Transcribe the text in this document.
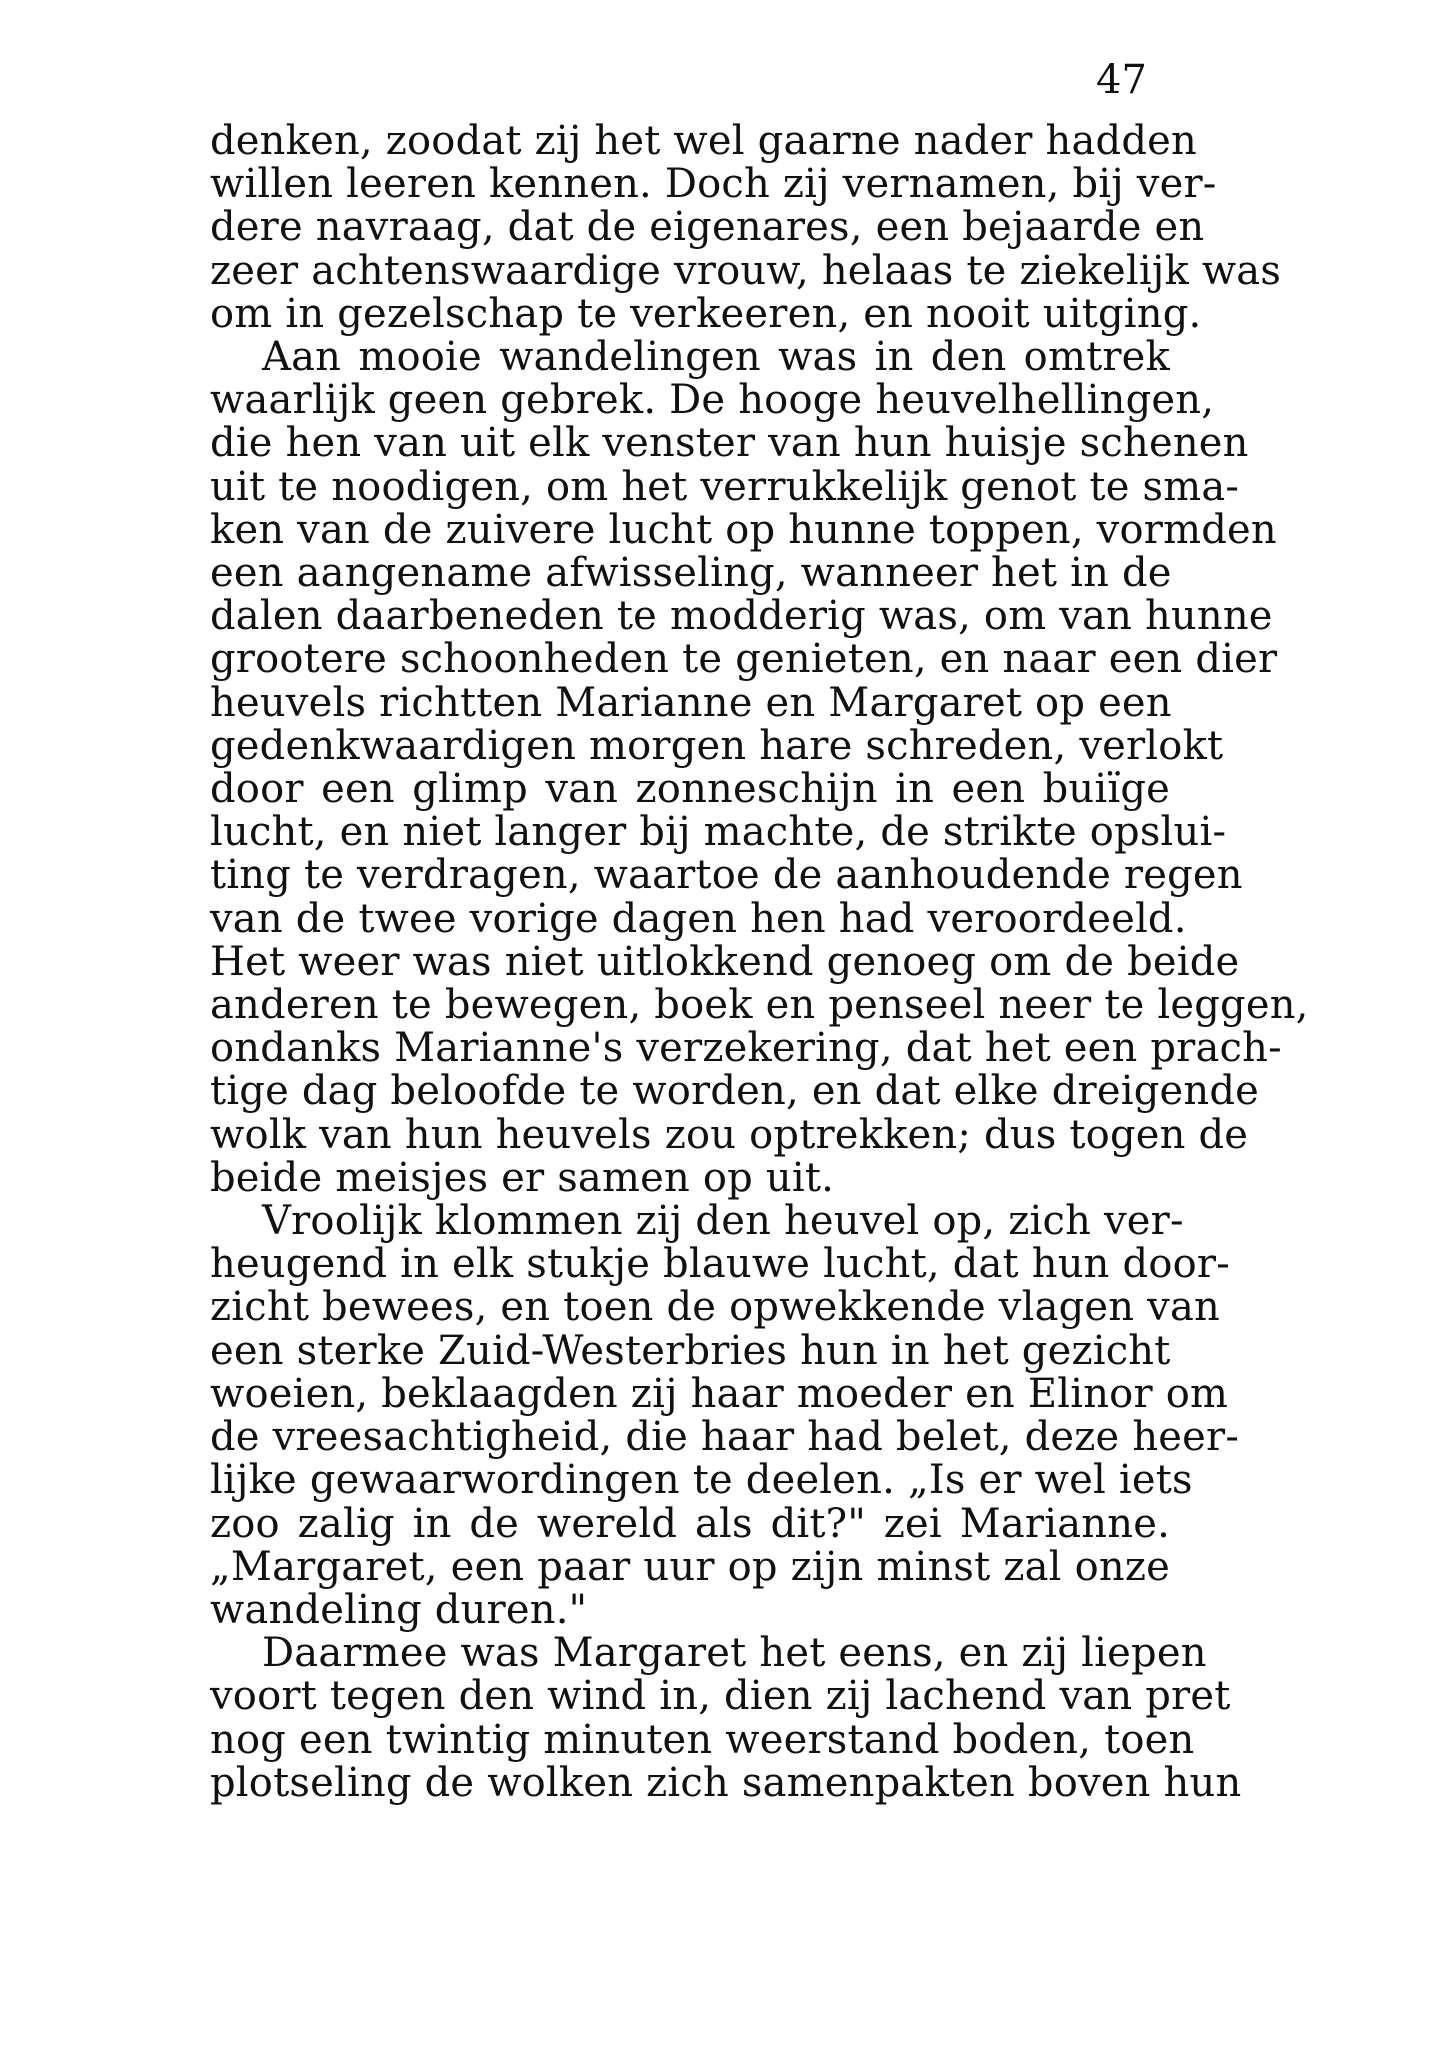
47
denken, zoodat zij het wel gaarne nader hadden
willen leeren kennen. Doch zij vernamen, bij ver-
dere navraag, dat de eigenares, een bejaarde en
zeer achtenswaardige vrouw, helaas te ziekelijk was
om in gezelschap te verkeeren, en nooit uitging.
Aan mooie wandelingen was in den omtrek
waarlijk geen gebrek. De hooge heuvelhellingen,
die hen van uit elk venster van hun huisje schenen
uit te noodigen, om het verrukkelijk genot te sma-
ken van de zuivere lucht op hunne toppen, vormden
een aangename afwisseling, wanneer het in de
dalen daarbeneden te modderig was, om van hunne
grootere schoonheden te genieten, en naar een dier
heuvels richtten Marianne en Margaret op een
gedenkwaardigen morgen hare schreden, verlokt
door een glimp van zonneschijn in een buiïge
lucht, en niet langer bij machte, de strikte opslui-
ting te verdragen, waartoe de aanhoudende regen
van de twee vorige dagen hen had veroordeeld.
Het weer was niet uitlokkend genoeg om de beide
anderen te bewegen, boek en penseel neer te leggen,
ondanks Marianne's verzekering, dat het een prach-
tige dag beloofde te worden, en dat elke dreigende
wolk van hun heuvels zou optrekken; dus togen de
beide meisjes er samen op uit.
Vroolijk klommen zij den heuvel op, zich ver-
heugend in elk stukje blauwe lucht, dat hun door-
zicht bewees, en toen de opwekkende vlagen van
een sterke Zuid-Westerbries hun in het gezicht
woeien, beklaagden zij haar moeder en Elinor om
de vreesachtigheid, die haar had belet, deze heer-
lijke gewaarwordingen te deelen. „Is er wel iets
zoo zalig in de wereld als dit?" zei Marianne.
„Margaret, een paar uur op zijn minst zal onze
wandeling duren."
Daarmee was Margaret het eens, en zij liepen
voort tegen den wind in, dien zij lachend van pret
nog een twintig minuten weerstand boden, toen
plotseling de wolken zich samenpakten boven hun
